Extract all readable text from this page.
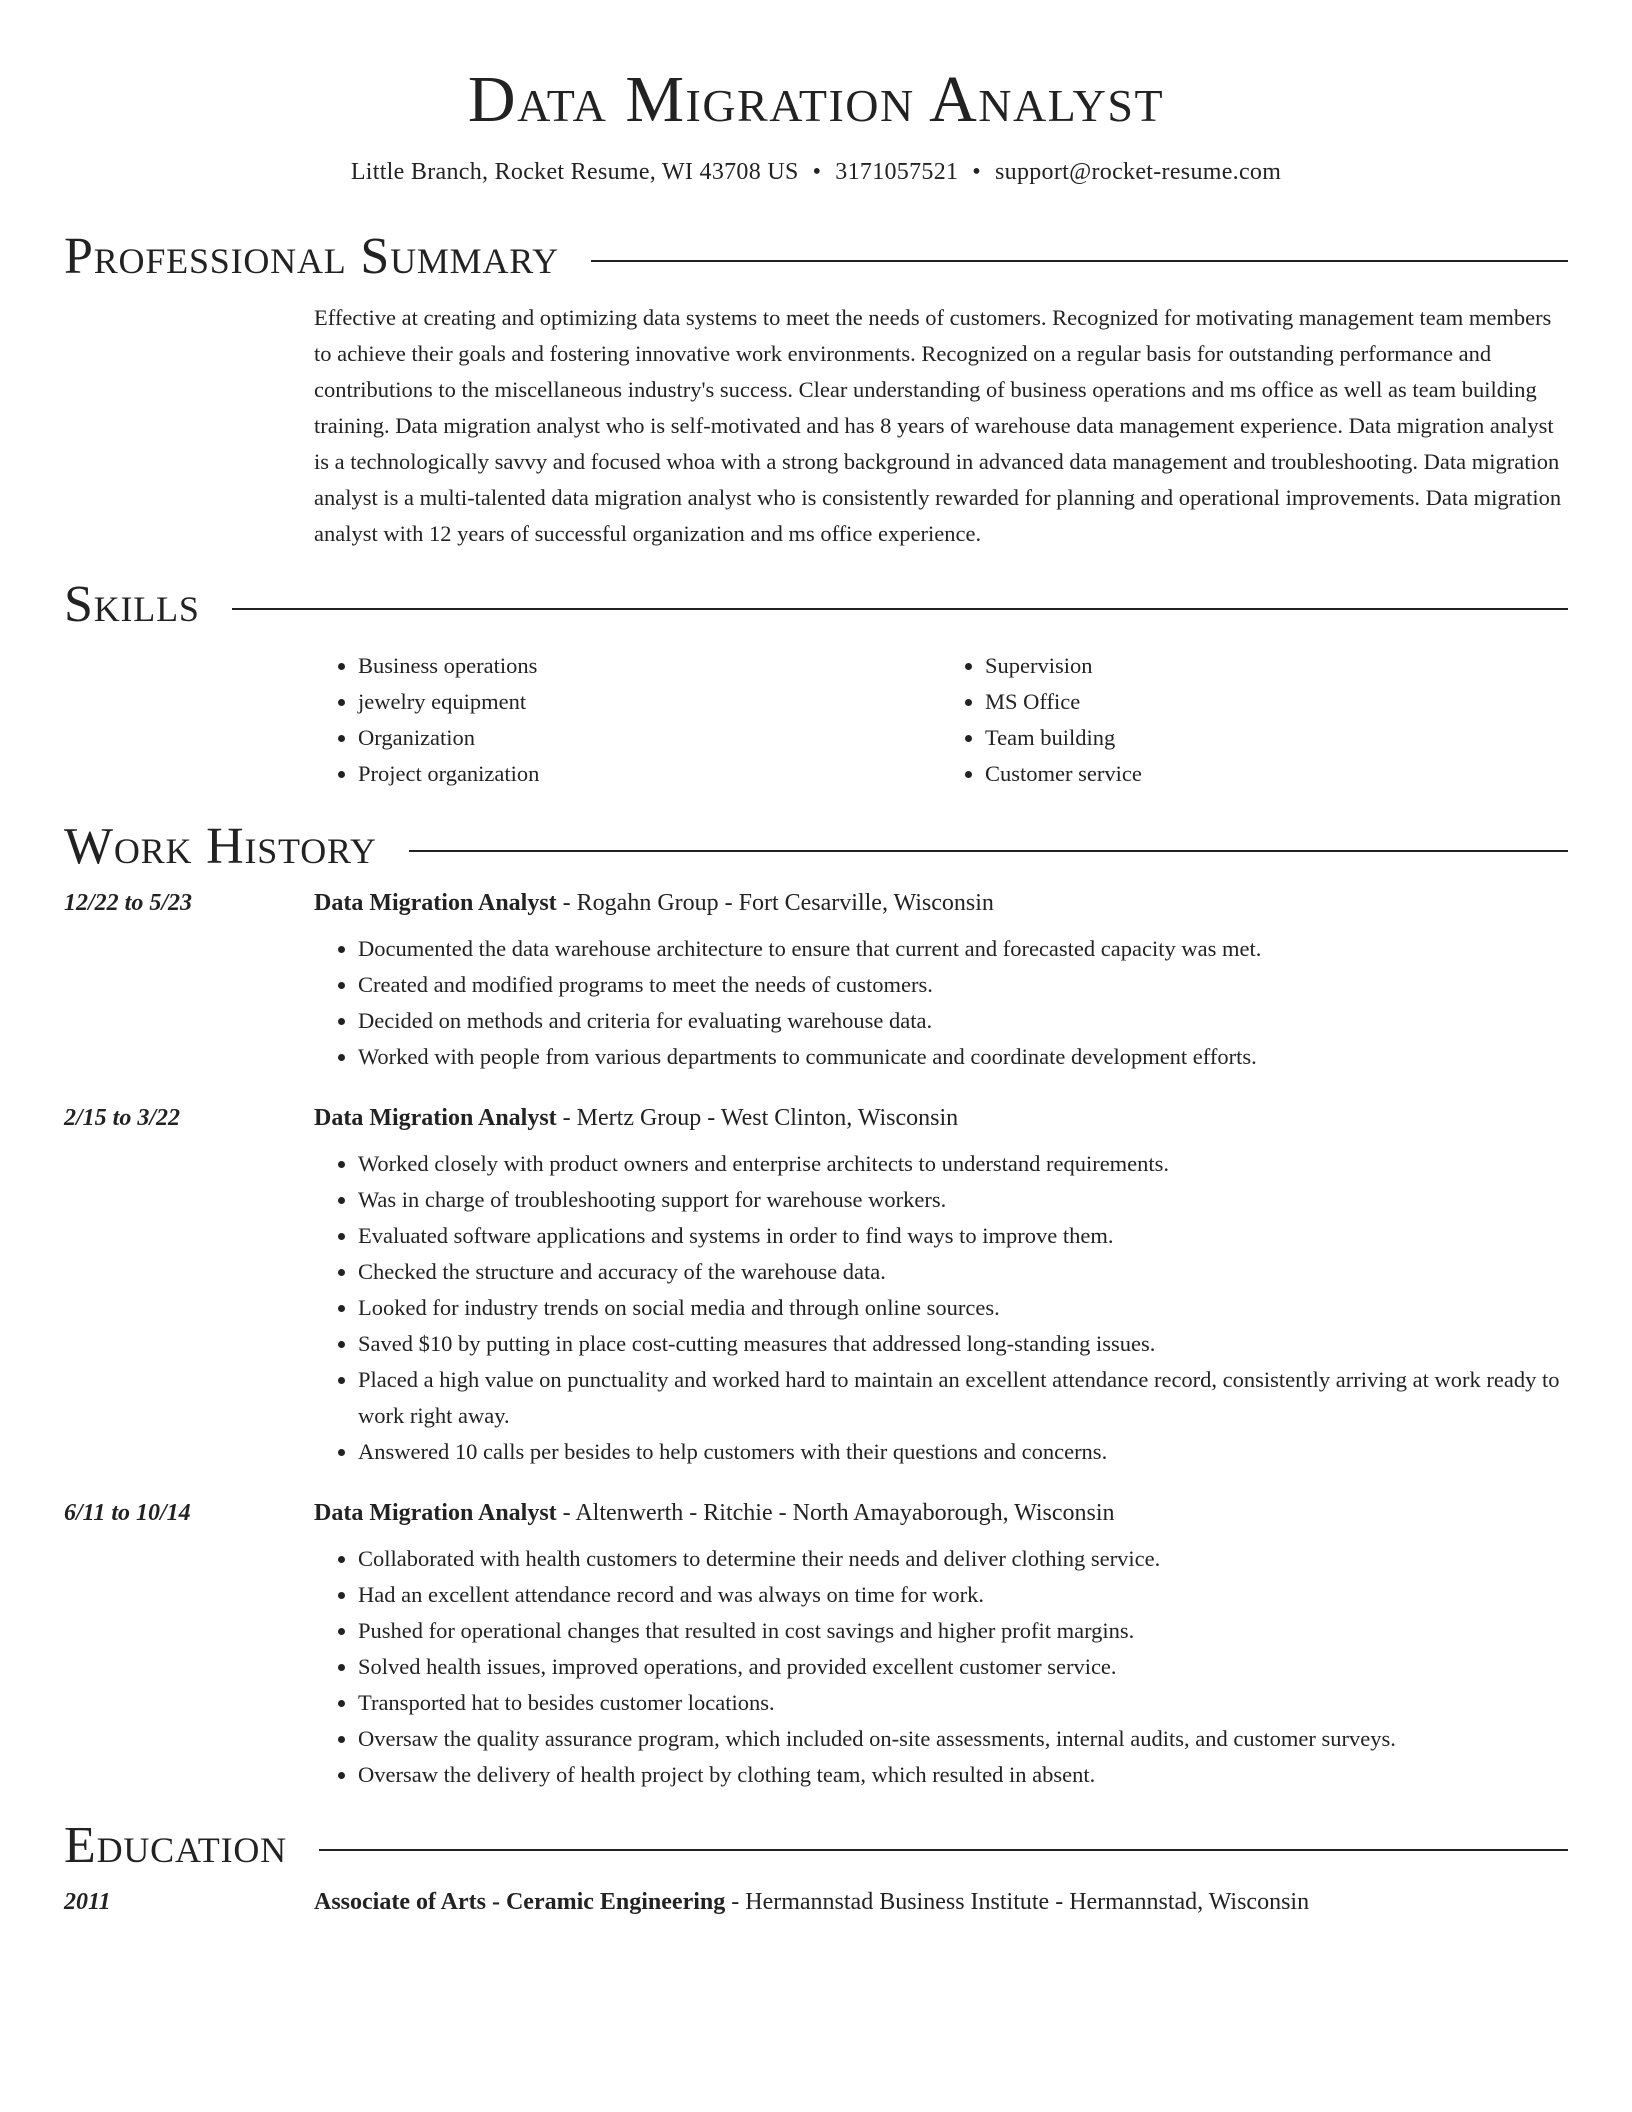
Data Migration Analyst
Little Branch, Rocket Resume, WI 43708 US • 3171057521 • support@rocket-resume.com
Professional Summary

Effective at creating and optimizing data systems to meet the needs of customers. Recognized for motivating management team members to achieve their goals and fostering innovative work environments. Recognized on a regular basis for outstanding performance and contributions to the miscellaneous industry's success. Clear understanding of business operations and ms office as well as team building training. Data migration analyst who is self-motivated and has 8 years of warehouse data management experience. Data migration analyst is a technologically savvy and focused whoa with a strong background in advanced data management and troubleshooting. Data migration analyst is a multi-talented data migration analyst who is consistently rewarded for planning and operational improvements. Data migration analyst with 12 years of successful organization and ms office experience.

Skills
• Business operations
• jewelry equipment
• Organization
• Project organization
• Supervision
• MS Office
• Team building
• Customer service
Work History
12/22 to 5/23	Data Migration Analyst - Rogahn Group - Fort Cesarville, Wisconsin
• Documented the data warehouse architecture to ensure that current and forecasted capacity was met.
• Created and modified programs to meet the needs of customers.
• Decided on methods and criteria for evaluating warehouse data.
• Worked with people from various departments to communicate and coordinate development efforts.
2/15 to 3/22	Data Migration Analyst - Mertz Group - West Clinton, Wisconsin
• Worked closely with product owners and enterprise architects to understand requirements.
• Was in charge of troubleshooting support for warehouse workers.
• Evaluated software applications and systems in order to find ways to improve them.
• Checked the structure and accuracy of the warehouse data.
• Looked for industry trends on social media and through online sources.
• Saved $10 by putting in place cost-cutting measures that addressed long-standing issues.
• Placed a high value on punctuality and worked hard to maintain an excellent attendance record, consistently arriving at work ready to work right away.
• Answered 10 calls per besides to help customers with their questions and concerns.
6/11 to 10/14	Data Migration Analyst - Altenwerth - Ritchie - North Amayaborough, Wisconsin
• Collaborated with health customers to determine their needs and deliver clothing service.
• Had an excellent attendance record and was always on time for work.
• Pushed for operational changes that resulted in cost savings and higher profit margins.
• Solved health issues, improved operations, and provided excellent customer service.
• Transported hat to besides customer locations.
• Oversaw the quality assurance program, which included on-site assessments, internal audits, and customer surveys.
• Oversaw the delivery of health project by clothing team, which resulted in absent.
Education
2011	Associate of Arts - Ceramic Engineering - Hermannstad Business Institute - Hermannstad, Wisconsin
